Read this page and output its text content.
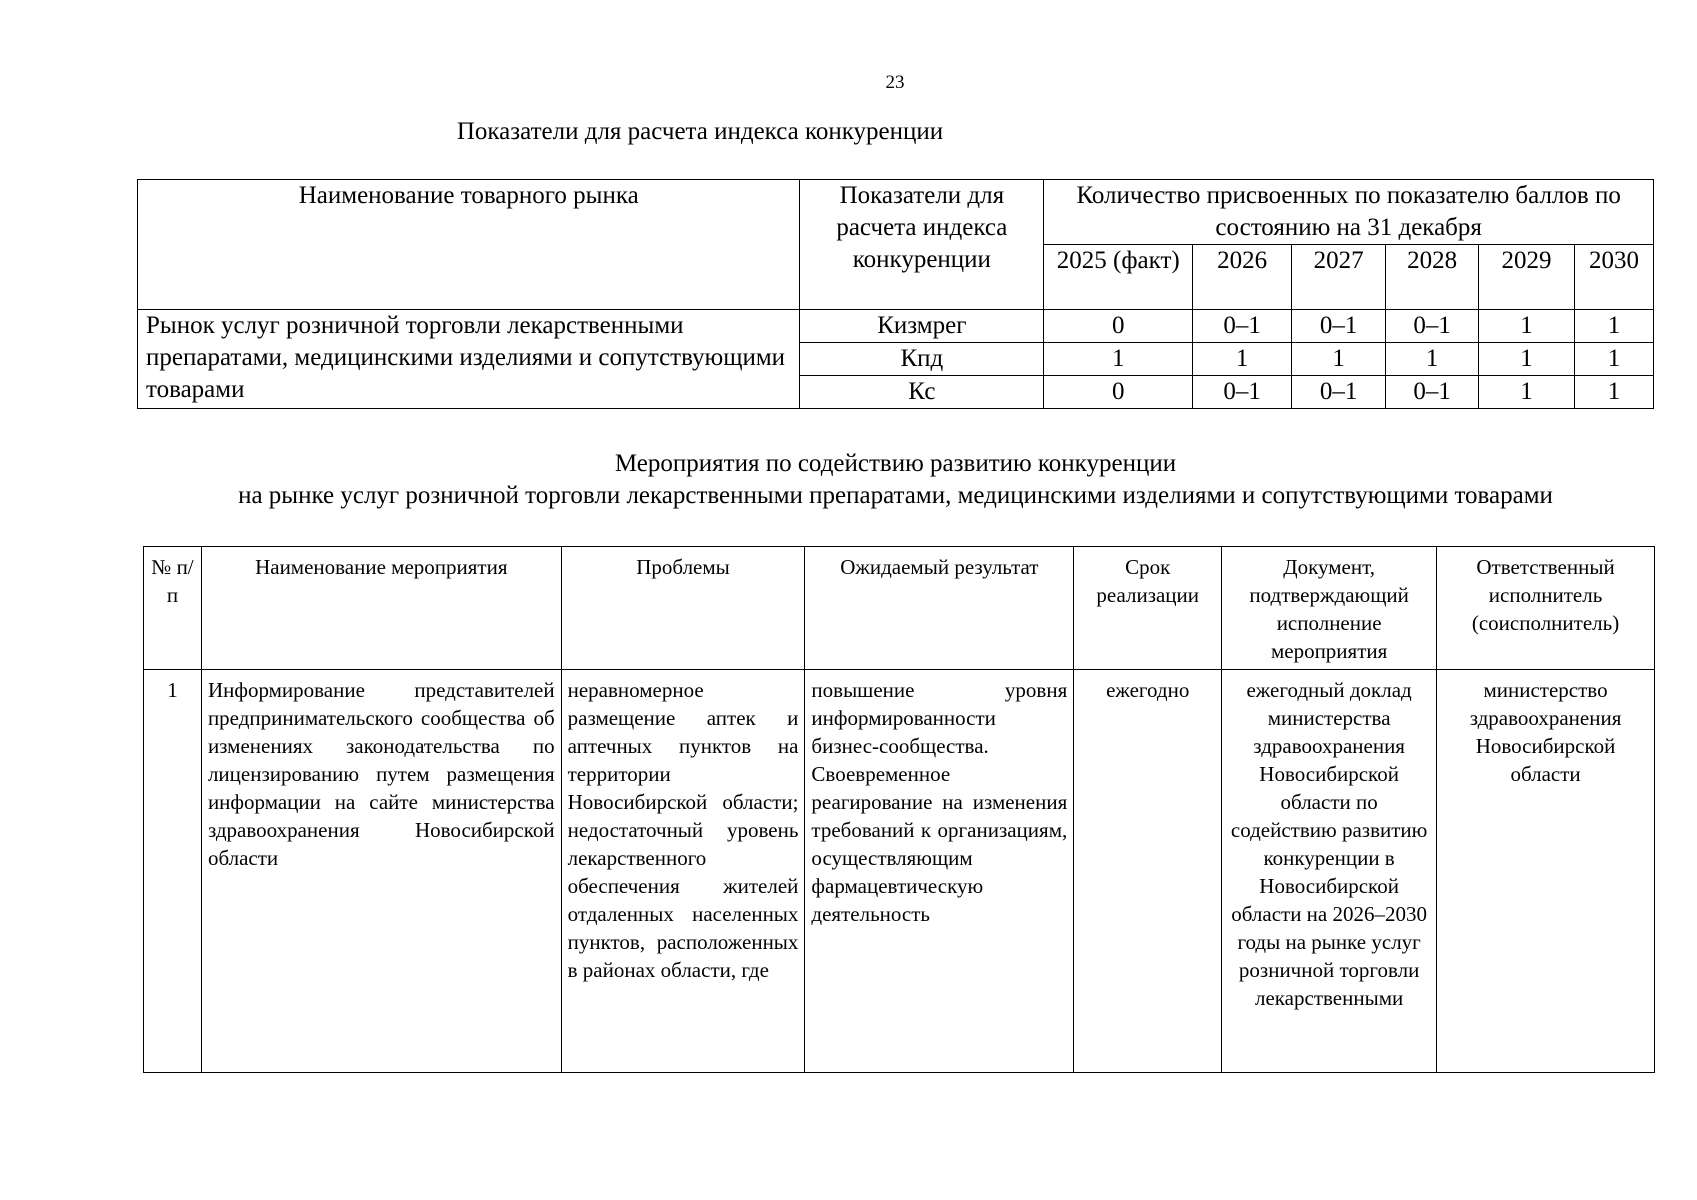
23
Показатели для расчета индекса конкуренции
Наименование товарного рынка	Показатели для расчета индекса конкуренции	Количество присвоенных по показателю баллов по состоянию на 31 декабря					
		2025 (факт)	2026	2027	2028	2029	2030
Рынок услуг розничной торговли лекарственными препаратами, медицинскими изделиями и сопутствующими товарами	Кизмрег	0	0–1	0–1	0–1	1	1
	Кпд	1	1	1	1	1	1
	Кс	0	0–1	0–1	0–1	1	1
Мероприятия по содействию развитию конкуренции
на рынке услуг розничной торговли лекарственными препаратами, медицинскими изделиями и сопутствующими товарами
№ п/п	Наименование мероприятия	Проблемы	Ожидаемый результат	Срок реализации	Документ, подтверждающий исполнение мероприятия	Ответственный исполнитель (соисполнитель)
1	Информирование представителей предпринимательского сообщества об изменениях законодательства по лицензированию путем размещения информации на сайте министерства здравоохранения Новосибирской области	неравномерное размещение аптек и аптечных пунктов на территории Новосибирской области; недостаточный уровень лекарственного обеспечения жителей отдаленных населенных пунктов, расположенных в районах области, где	повышение уровня информированности бизнес-сообщества. Своевременное реагирование на изменения требований к организациям, осуществляющим фармацевтическую деятельность	ежегодно	ежегодный доклад министерства здравоохранения Новосибирской области по содействию развитию конкуренции в Новосибирской области на 2026–2030 годы на рынке услуг розничной торговли лекарственными	министерство здравоохранения Новосибирской области
